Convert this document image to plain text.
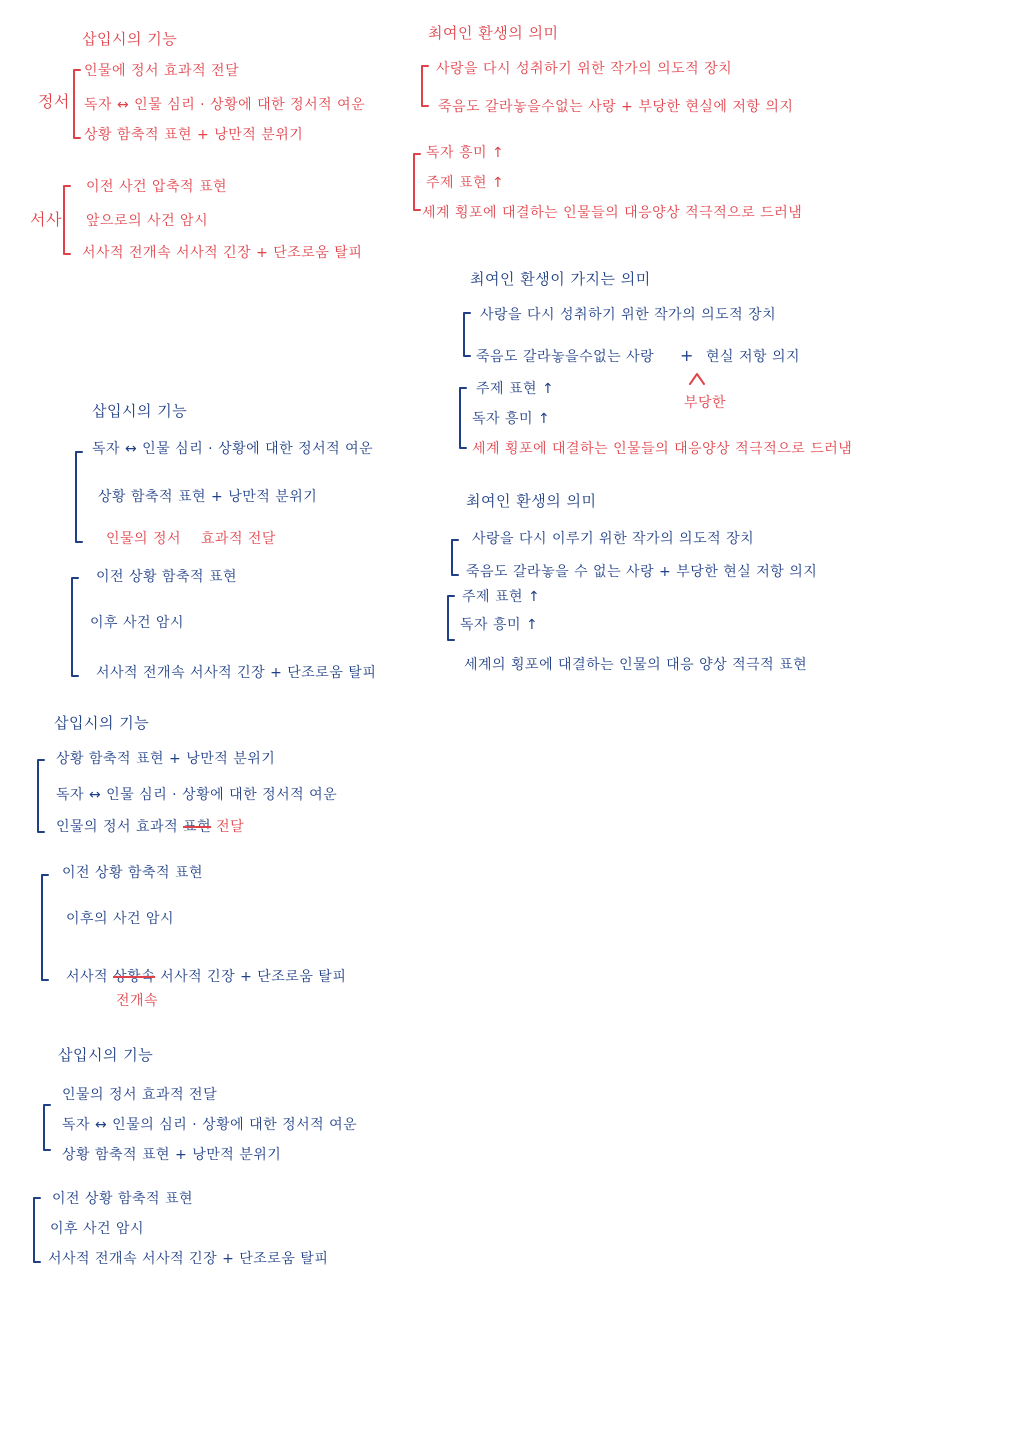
삽입시의 기능
정서
인물에 정서 효과적 전달
독자 ↔ 인물 심리 · 상황에 대한 정서적 여운
상황 함축적 표현 + 낭만적 분위기
서사
이전 사건 압축적 표현
앞으로의 사건 암시
서사적 전개속 서사적 긴장 + 단조로움 탈피
최여인 환생의 의미
사랑을 다시 성취하기 위한 작가의 의도적 장치
죽음도 갈라놓을수없는 사랑 + 부당한 현실에 저항 의지
독자 흥미 ↑
주제 표현 ↑
세계 횡포에 대결하는 인물들의 대응양상 적극적으로 드러냄
최여인 환생이 가지는 의미
사랑을 다시 성취하기 위한 작가의 의도적 장치
죽음도 갈라놓을수없는 사랑 + 현실 저항 의지
부당한
주제 표현 ↑
독자 흥미 ↑
세계 횡포에 대결하는 인물들의 대응양상 적극적으로 드러냄
최여인 환생의 의미
사랑을 다시 이루기 위한 작가의 의도적 장치
죽음도 갈라놓을 수 없는 사랑 + 부당한 현실 저항 의지
주제 표현 ↑
독자 흥미 ↑
세계의 횡포에 대결하는 인물의 대응 양상 적극적 표현
삽입시의 기능
독자 ↔ 인물 심리 · 상황에 대한 정서적 여운
상황 함축적 표현 + 낭만적 분위기
인물의 정서 효과적 전달
이전 상황 함축적 표현
이후 사건 암시
서사적 전개속 서사적 긴장 + 단조로움 탈피
삽입시의 기능
상황 함축적 표현 + 낭만적 분위기
독자 ↔ 인물 심리 · 상황에 대한 정서적 여운
인물의 정서 효과적 표현 전달
이전 상황 함축적 표현
이후의 사건 암시
서사적 상황속 서사적 긴장 + 단조로움 탈피
전개속
삽입시의 기능
인물의 정서 효과적 전달
독자 ↔ 인물의 심리 · 상황에 대한 정서적 여운
상황 함축적 표현 + 낭만적 분위기
이전 상황 함축적 표현
이후 사건 암시
서사적 전개속 서사적 긴장 + 단조로움 탈피
